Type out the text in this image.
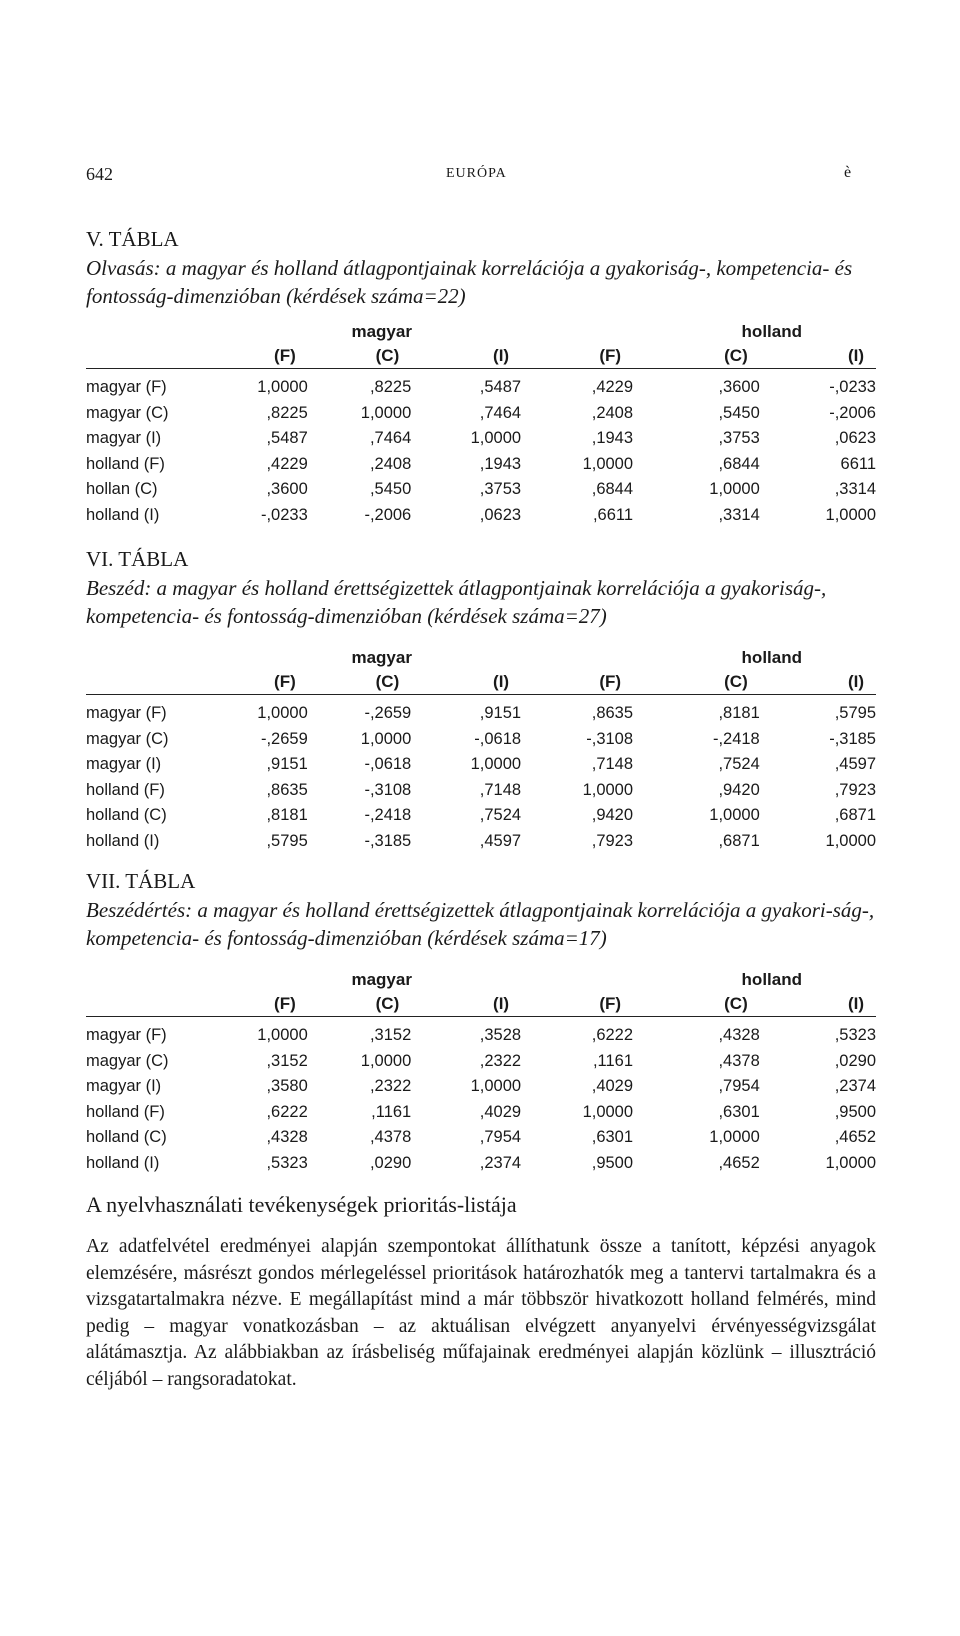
642	EURÓPA	ѐ
V. TÁBLA
Olvasás: a magyar és holland átlagpontjainak korrelációja a gyakoriság-, kompetencia- és fontosság-dimenzióban (kérdések száma=22)
	magyar			holland		
	(F)	(C)	(I)	(F)	(C)	(I)
magyar (F)	1,0000	,8225	,5487	,4229	,3600	-,0233
magyar (C)	,8225	1,0000	,7464	,2408	,5450	-,2006
magyar (I)	,5487	,7464	1,0000	,1943	,3753	,0623
holland (F)	,4229	,2408	,1943	1,0000	,6844	6611
hollan (C)	,3600	,5450	,3753	,6844	1,0000	,3314
holland (I)	-,0233	-,2006	,0623	,6611	,3314	1,0000
VI. TÁBLA
Beszéd: a magyar és holland érettségizettek átlagpontjainak korrelációja a gyakoriság-, kompetencia- és fontosság-dimenzióban (kérdések száma=27)
	magyar			holland		
	(F)	(C)	(I)	(F)	(C)	(I)
magyar (F)	1,0000	-,2659	,9151	,8635	,8181	,5795
magyar (C)	-,2659	1,0000	-,0618	-,3108	-,2418	-,3185
magyar (I)	,9151	-,0618	1,0000	,7148	,7524	,4597
holland (F)	,8635	-,3108	,7148	1,0000	,9420	,7923
holland (C)	,8181	-,2418	,7524	,9420	1,0000	,6871
holland (I)	,5795	-,3185	,4597	,7923	,6871	1,0000
VII. TÁBLA
Beszédértés: a magyar és holland érettségizettek átlagpontjainak korrelációja a gyakori-ság-, kompetencia- és fontosság-dimenzióban (kérdések száma=17)
	magyar			holland		
	(F)	(C)	(I)	(F)	(C)	(I)
magyar (F)	1,0000	,3152	,3528	,6222	,4328	,5323
magyar (C)	,3152	1,0000	,2322	,1161	,4378	,0290
magyar (I)	,3580	,2322	1,0000	,4029	,7954	,2374
holland (F)	,6222	,1161	,4029	1,0000	,6301	,9500
holland (C)	,4328	,4378	,7954	,6301	1,0000	,4652
holland (I)	,5323	,0290	,2374	,9500	,4652	1,0000
A nyelvhasználati tevékenységek prioritás-listája
Az adatfelvétel eredményei alapján szempontokat állíthatunk össze a tanított, képzési anyagok elemzésére, másrészt gondos mérlegeléssel prioritások határozhatók meg a tantervi tartalmakra és a vizsgatartalmakra nézve. E megállapítást mind a már többször hivatkozott holland felmérés, mind pedig – magyar vonatkozásban – az aktuálisan elvégzett anyanyelvi érvényességvizsgálat alátámasztja. Az alábbiakban az írásbeliség műfajainak eredményei alapján közlünk – illusztráció céljából – rangsoradatokat.
